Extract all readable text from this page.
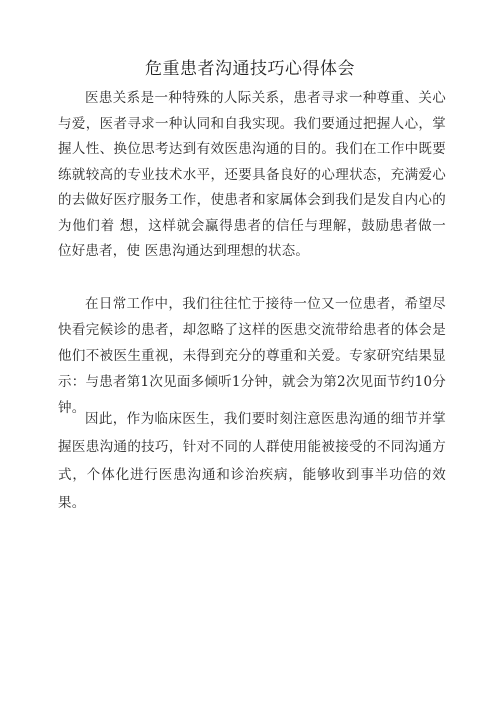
危重患者沟通技巧心得体会

医患关系是一种特殊的人际关系，患者寻求一种尊重、关心与爱，医者寻求一种认同和自我实现。我们要通过把握人心，掌握人性、换位思考达到有效医患沟通的目的。我们在工作中既要练就较高的专业技术水平，还要具备良好的心理状态，充满爱心的去做好医疗服务工作，使患者和家属体会到我们是发自内心的为他们着 想，这样就会赢得患者的信任与理解，鼓励患者做一位好患者，使 医患沟通达到理想的状态。

在日常工作中，我们往往忙于接待一位又一位患者，希望尽快看完候诊的患者，却忽略了这样的医患交流带给患者的体会是他们不被医生重视，未得到充分的尊重和关爱。专家研究结果显示：与患者第1次见面多倾听1分钟，就会为第2次见面节约10分钟。

因此，作为临床医生，我们要时刻注意医患沟通的细节并掌握医患沟通的技巧，针对不同的人群使用能被接受的不同沟通方式，个体化进行医患沟通和诊治疾病，能够收到事半功倍的效果。
